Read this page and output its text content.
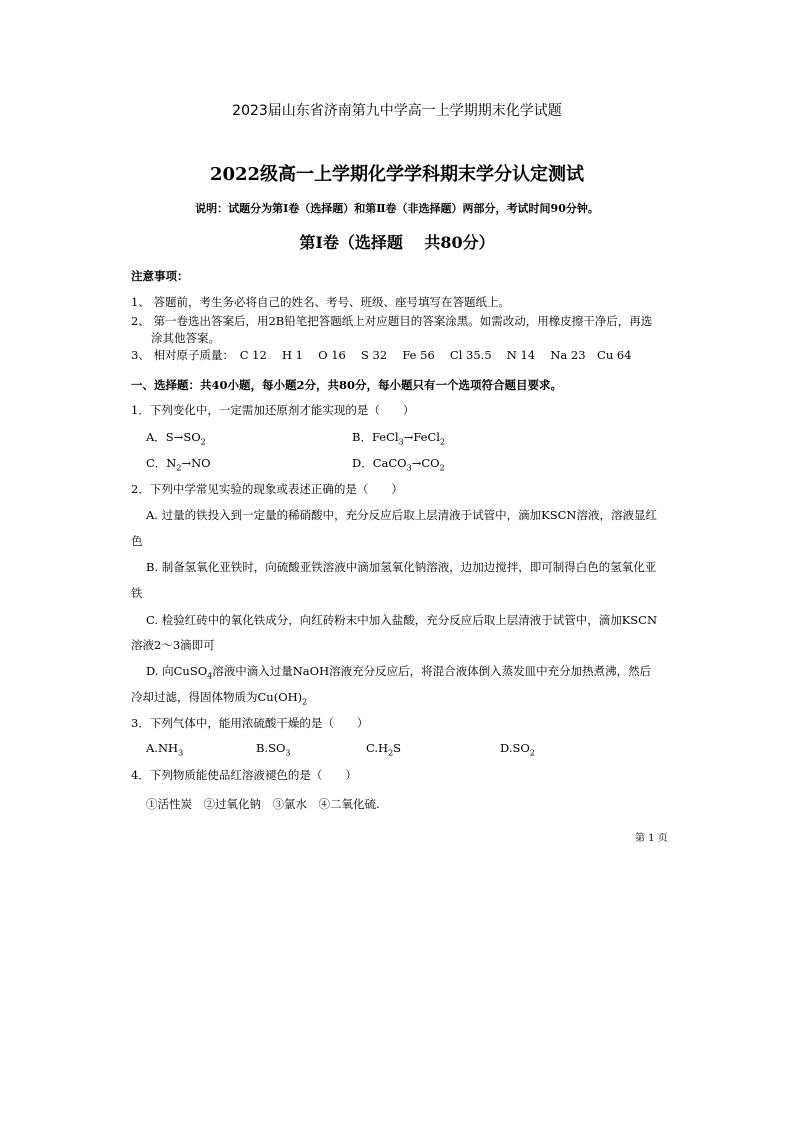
2023届山东省济南第九中学高一上学期期末化学试题
2022级高一上学期化学学科期末学分认定测试
说明：试题分为第Ⅰ卷（选择题）和第Ⅱ卷（非选择题）两部分，考试时间90分钟。
第Ⅰ卷（选择题　 共80分）
注意事项：
1、 答题前，考生务必将自己的姓名、考号、班级、座号填写在答题纸上。
2、 第一卷选出答案后，用2B铅笔把答题纸上对应题目的答案涂黑。如需改动，用橡皮擦干净后，再选
涂其他答案。
3、 相对原子质量：　C 12　 H 1　 O 16　 S 32　 Fe 56　 Cl 35.5　 N 14　 Na 23　Cu 64
一、选择题：共40小题，每小题2分，共80分，每小题只有一个选项符合题目要求。
1．下列变化中，一定需加还原剂才能实现的是（　　）
A．$S\to SO_2$	B．FeCl$_3$→FeCl$_2$
C．$N_2\to NO$	D．$CaCO_3\to CO_2$
2．下列中学常见实验的现象或表述正确的是（　　）
A. 过量的铁投入到一定量的稀硝酸中，充分反应后取上层清液于试管中，滴加KSCN溶液，溶液显红
色
B. 制备氢氧化亚铁时，向硫酸亚铁溶液中滴加氢氧化钠溶液，边加边搅拌，即可制得白色的氢氧化亚
铁
C. 检验红砖中的氧化铁成分，向红砖粉末中加入盐酸，充分反应后取上层清液于试管中，滴加KSCN
溶液2～3滴即可
D. 向CuSO$_4$溶液中滴入过量NaOH溶液充分反应后，将混合液体倒入蒸发皿中充分加热煮沸，然后
冷却过滤，得固体物质为$Cu(OH)_2$
3．下列气体中，能用浓硫酸干燥的是（　　）
$A.NH_3$	$B.SO_3$	$C.H_2S$	$D.SO_2$
4．下列物质能使品红溶液褪色的是（　　）
①活性炭　②过氧化钠　③氯水　④二氧化硫.
第 1 页
